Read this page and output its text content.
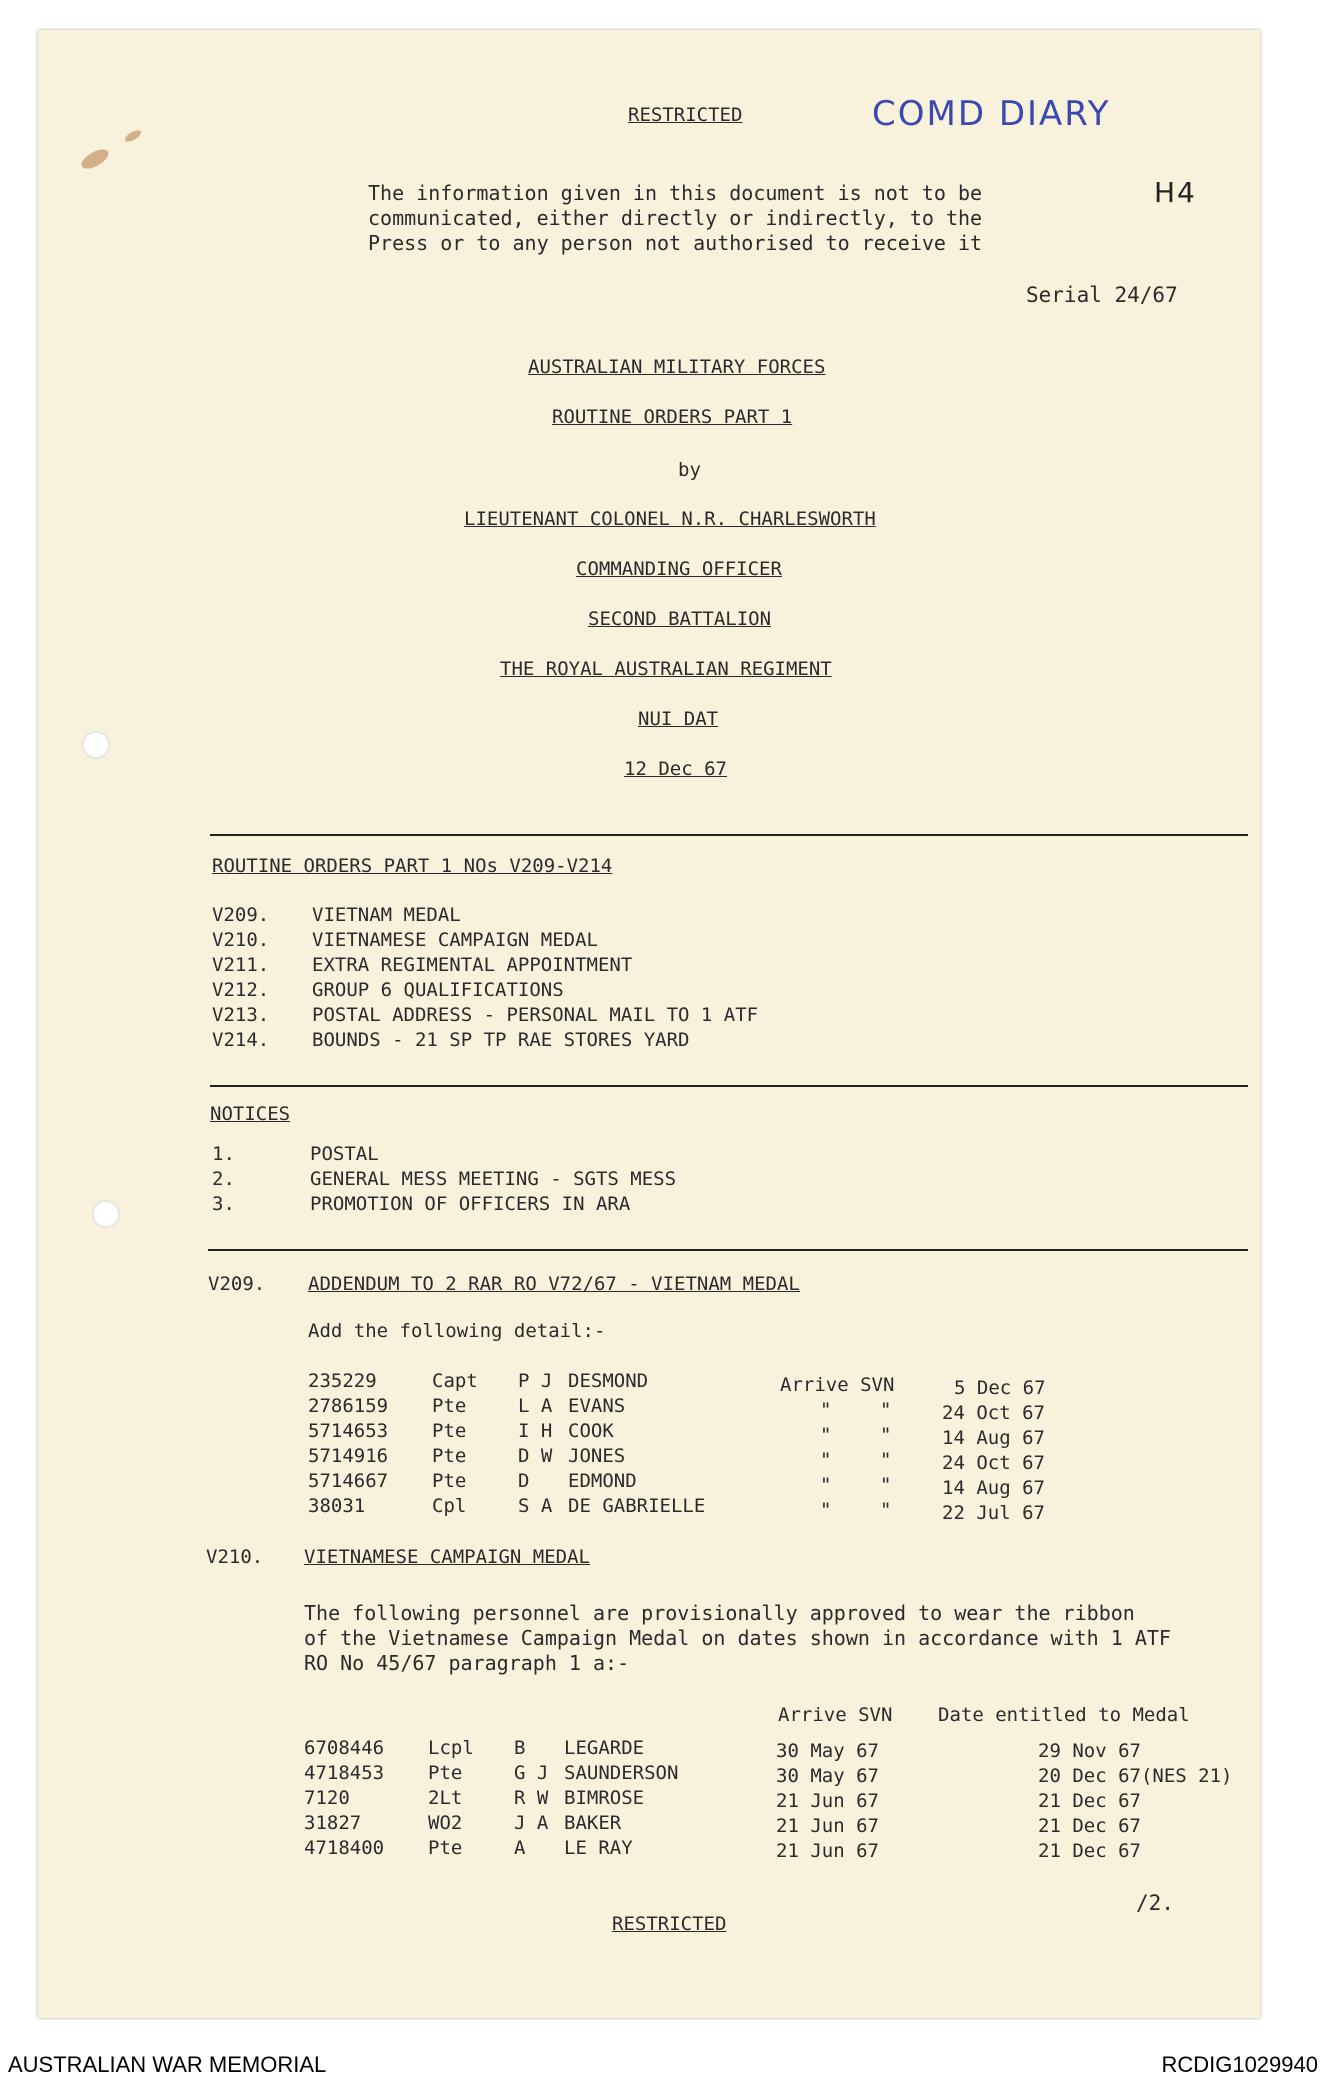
RESTRICTED	COMD DIARY
H4
The information given in this document is not to be
communicated, either directly or indirectly, to the
Press or to any person not authorised to receive it
Serial 24/67
AUSTRALIAN MILITARY FORCES
ROUTINE ORDERS PART 1
by
LIEUTENANT COLONEL N.R. CHARLESWORTH
COMMANDING OFFICER
SECOND BATTALION
THE ROYAL AUSTRALIAN REGIMENT
NUI DAT
12 Dec 67
ROUTINE ORDERS PART 1 NOs V209-V214
V209. VIETNAM MEDAL
V210. VIETNAMESE CAMPAIGN MEDAL
V211. EXTRA REGIMENTAL APPOINTMENT
V212. GROUP 6 QUALIFICATIONS
V213. POSTAL ADDRESS - PERSONAL MAIL TO 1 ATF
V214. BOUNDS - 21 SP TP RAE STORES YARD
NOTICES
1.	POSTAL
2.	GENERAL MESS MEETING - SGTS MESS
3.	PROMOTION OF OFFICERS IN ARA
V209. ADDENDUM TO 2 RAR RO V72/67 - VIETNAM MEDAL
Add the following detail:-
Arrive SVN
235229	Capt P J DESMOND	5 Dec 67
2786159 Pte	L A EVANS	"	"	24 Oct 67
5714653 Pte	I H COOK	"	"	14 Aug 67
5714916 Pte	D W JONES	"	"	24 Oct 67
5714667 Pte	D EDMOND	"	"	14 Aug 67
38031	Cpl	S A DE GABRIELLE	"	"	22 Jul 67
V210. VIETNAMESE CAMPAIGN MEDAL
The following personnel are provisionally approved to wear the ribbon
of the Vietnamese Campaign Medal on dates shown in accordance with 1 ATF
RO No 45/67 paragraph 1 a:-
Arrive SVN Date entitled to Medal
6708446 Lcpl B LEGARDE	30 May 67	29 Nov 67
4718453 Pte	G J SAUNDERSON	30 May 67	20 Dec 67(NES 21)
7120	2Lt	R W BIMROSE	21 Jun 67	21 Dec 67
31827	WO2	J A BAKER	21 Jun 67	21 Dec 67
4718400 Pte	A LE RAY	21 Jun 67	21 Dec 67
/2.
RESTRICTED
AUSTRALIAN WAR MEMORIAL	RCDIG1029940
